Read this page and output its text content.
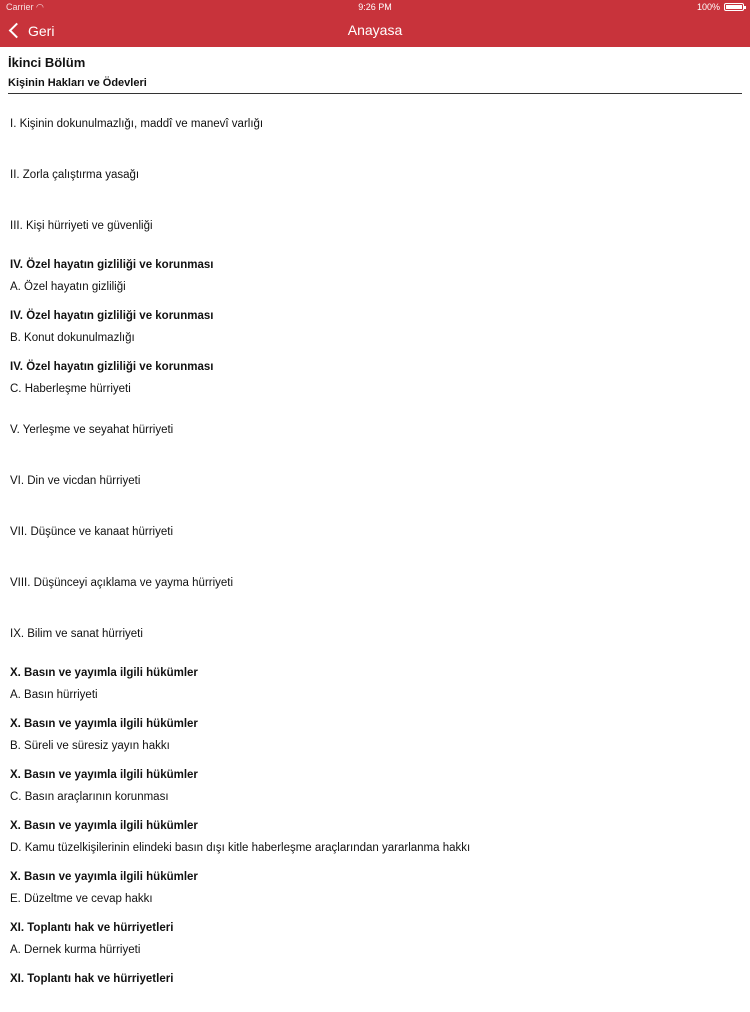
Carrier ◠	9:26 PM	100%
Geri	Anayasa
İkinci Bölüm
Kişinin Hakları ve Ödevleri
I. Kişinin dokunulmazlığı, maddî ve manevî varlığı
II. Zorla çalıştırma yasağı
III. Kişi hürriyeti ve güvenliği
IV. Özel hayatın gizliliği ve korunması
A. Özel hayatın gizliliği
IV. Özel hayatın gizliliği ve korunması
B. Konut dokunulmazlığı
IV. Özel hayatın gizliliği ve korunması
C. Haberleşme hürriyeti
V. Yerleşme ve seyahat hürriyeti
VI. Din ve vicdan hürriyeti
VII. Düşünce ve kanaat hürriyeti
VIII. Düşünceyi açıklama ve yayma hürriyeti
IX. Bilim ve sanat hürriyeti
X. Basın ve yayımla ilgili hükümler
A. Basın hürriyeti
X. Basın ve yayımla ilgili hükümler
B. Süreli ve süresiz yayın hakkı
X. Basın ve yayımla ilgili hükümler
C. Basın araçlarının korunması
X. Basın ve yayımla ilgili hükümler
D. Kamu tüzelkişilerinin elindeki basın dışı kitle haberleşme araçlarından yararlanma hakkı
X. Basın ve yayımla ilgili hükümler
E. Düzeltme ve cevap hakkı
XI. Toplantı hak ve hürriyetleri
A. Dernek kurma hürriyeti
XI. Toplantı hak ve hürriyetleri
